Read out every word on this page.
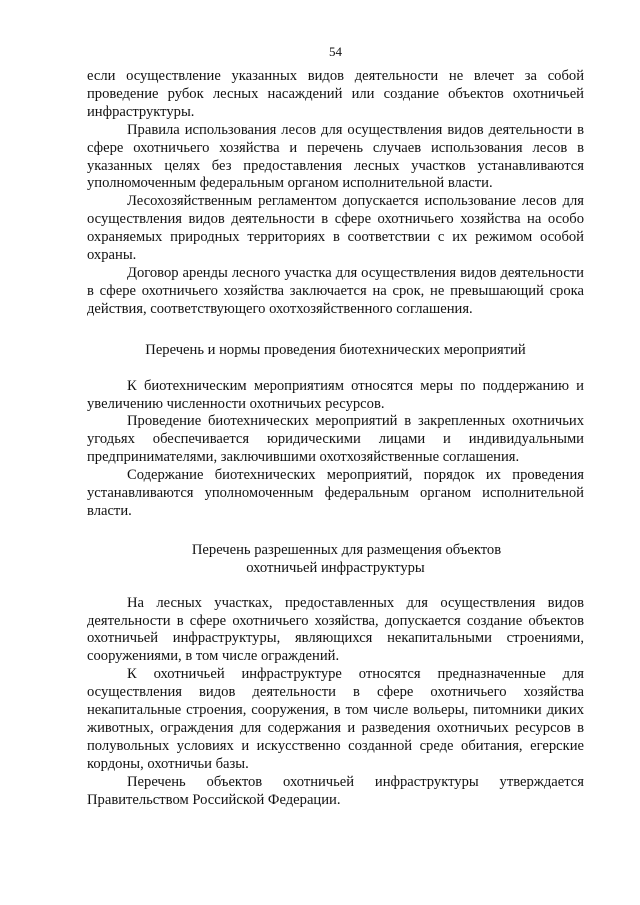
54

если осуществление указанных видов деятельности не влечет за собой проведение рубок лесных насаждений или создание объектов охотничьей инфраструктуры.

Правила использования лесов для осуществления видов деятельности в сфере охотничьего хозяйства и перечень случаев использования лесов в указанных целях без предоставления лесных участков устанавливаются уполномоченным федеральным органом исполнительной власти.

Лесохозяйственным регламентом допускается использование лесов для осуществления видов деятельности в сфере охотничьего хозяйства на особо охраняемых природных территориях в соответствии с их режимом особой охраны.

Договор аренды лесного участка для осуществления видов деятельности в сфере охотничьего хозяйства заключается на срок, не превышающий срока действия, соответствующего охотхозяйственного соглашения.

Перечень и нормы проведения биотехнических мероприятий

К биотехническим мероприятиям относятся меры по поддержанию и увеличению численности охотничьих ресурсов.

Проведение биотехнических мероприятий в закрепленных охотничьих угодьях обеспечивается юридическими лицами и индивидуальными предпринимателями, заключившими охотхозяйственные соглашения.

Содержание биотехнических мероприятий, порядок их проведения устанавливаются уполномоченным федеральным органом исполнительной власти.

Перечень разрешенных для размещения объектов
охотничьей инфраструктуры

На лесных участках, предоставленных для осуществления видов деятельности в сфере охотничьего хозяйства, допускается создание объектов охотничьей инфраструктуры, являющихся некапитальными строениями, сооружениями, в том числе ограждений.

К охотничьей инфраструктуре относятся предназначенные для осуществления видов деятельности в сфере охотничьего хозяйства некапитальные строения, сооружения, в том числе вольеры, питомники диких животных, ограждения для содержания и разведения охотничьих ресурсов в полувольных условиях и искусственно созданной среде обитания, егерские кордоны, охотничьи базы.

Перечень объектов охотничьей инфраструктуры утверждается Правительством Российской Федерации.
